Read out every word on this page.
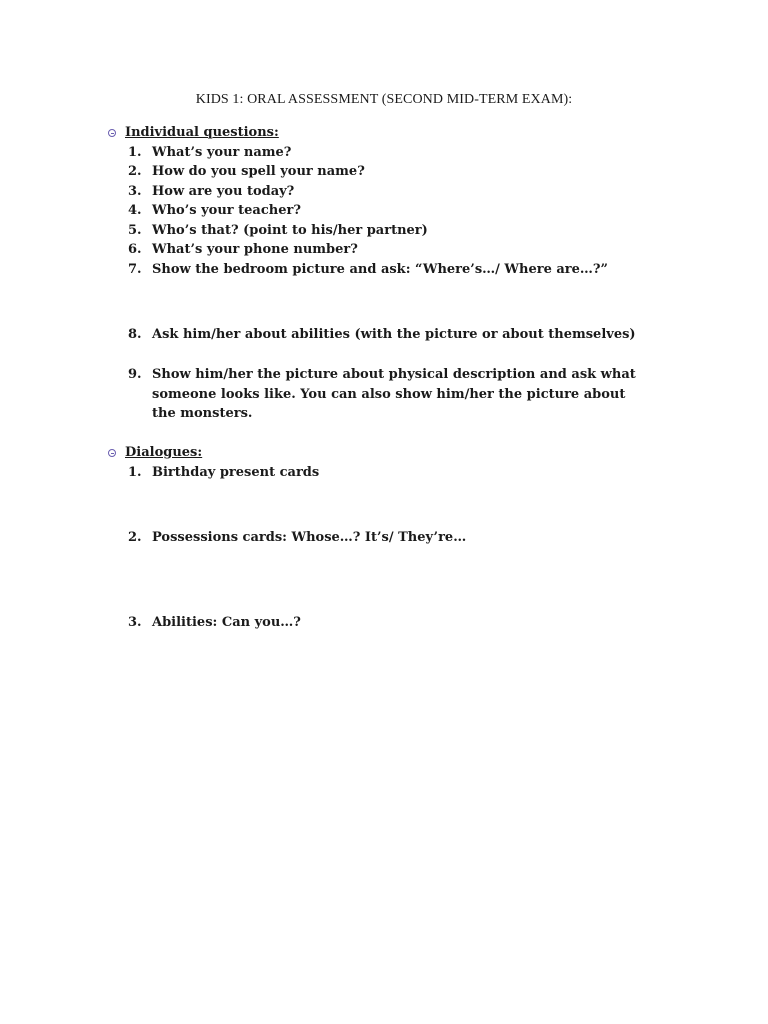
KIDS 1: ORAL ASSESSMENT (SECOND MID-TERM EXAM):
Individual questions:
1. What’s your name?
2. How do you spell your name?
3. How are you today?
4. Who’s your teacher?
5. Who’s that? (point to his/her partner)
6. What’s your phone number?
7. Show the bedroom picture and ask: “Where’s…/ Where are…?”
8. Ask him/her about abilities (with the picture or about themselves)
9. Show him/her the picture about physical description and ask what someone looks like. You can also show him/her the picture about the monsters.
Dialogues:
1. Birthday present cards
2. Possessions cards: Whose…? It’s/ They’re…
3. Abilities: Can you…?
